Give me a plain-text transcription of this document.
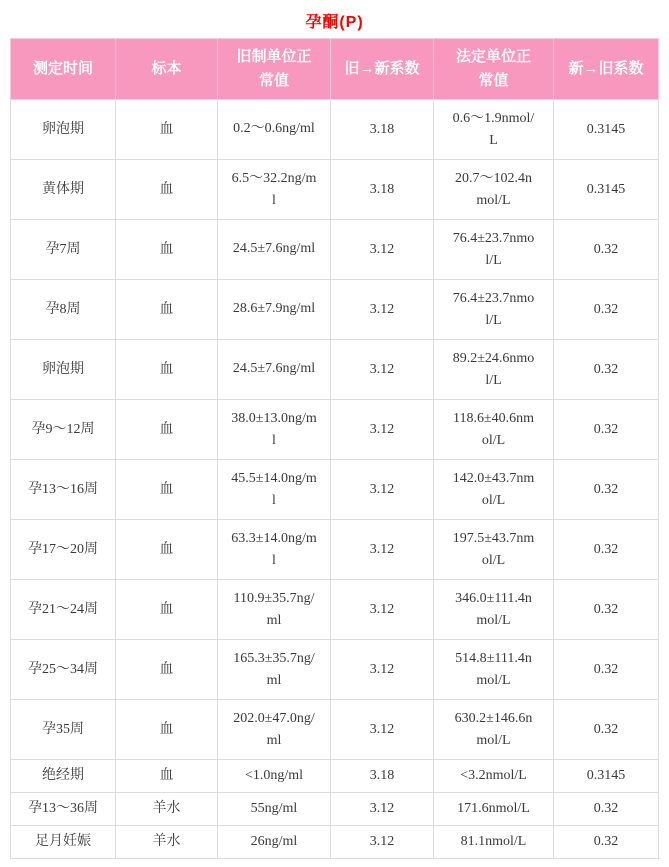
孕酮(P)
测定时间	标本	旧制单位正常值	旧→新系数	法定单位正常值	新→旧系数
卵泡期	血	0.2～0.6ng/ml	3.18	0.6～1.9nmol/L	0.3145
黄体期	血	6.5～32.2ng/ml	3.18	20.7～102.4nmol/L	0.3145
孕7周	血	24.5±7.6ng/ml	3.12	76.4±23.7nmol/L	0.32
孕8周	血	28.6±7.9ng/ml	3.12	76.4±23.7nmol/L	0.32
卵泡期	血	24.5±7.6ng/ml	3.12	89.2±24.6nmol/L	0.32
孕9～12周	血	38.0±13.0ng/ml	3.12	118.6±40.6nmol/L	0.32
孕13～16周	血	45.5±14.0ng/ml	3.12	142.0±43.7nmol/L	0.32
孕17～20周	血	63.3±14.0ng/ml	3.12	197.5±43.7nmol/L	0.32
孕21～24周	血	110.9±35.7ng/ml	3.12	346.0±111.4nmol/L	0.32
孕25～34周	血	165.3±35.7ng/ml	3.12	514.8±111.4nmol/L	0.32
孕35周	血	202.0±47.0ng/ml	3.12	630.2±146.6nmol/L	0.32
绝经期	血	<1.0ng/ml	3.18	<3.2nmol/L	0.3145
孕13～36周	羊水	55ng/ml	3.12	171.6nmol/L	0.32
足月妊娠	羊水	26ng/ml	3.12	81.1nmol/L	0.32
